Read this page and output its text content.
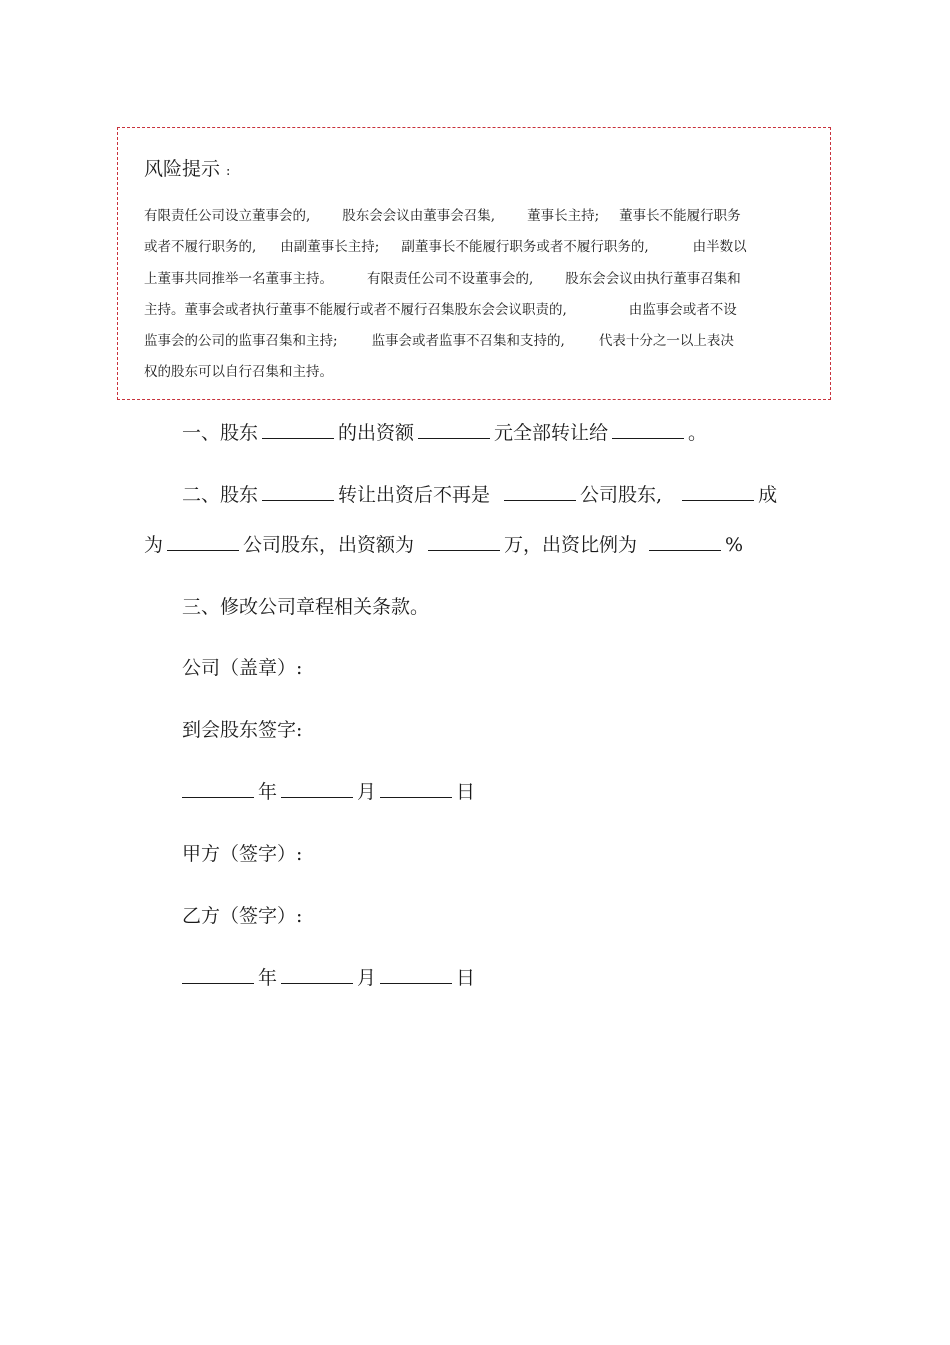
风险提示 :
有限责任公司设立董事会的, 股东会会议由董事会召集, 董事长主持; 董事长不能履行职务
或者不履行职务的, 由副董事长主持; 副董事长不能履行职务或者不履行职务的,	由半数以
上董事共同推举一名董事主持。	有限责任公司不设董事会的, 股东会会议由执行董事召集和
主持。董事会或者执行董事不能履行或者不履行召集股东会会议职责的,	由监事会或者不设
监事会的公司的监事召集和主持;	监事会或者监事不召集和支持的,	代表十分之一以上表决
权的股东可以自行召集和主持。
一、股东	的出资额	元全部转让给	。
二、股东	转让出资后不再是	公司股东,	成
为	公司股东，出资额为	万，出资比例为	%
三、修改公司章程相关条款。
公司（盖章）:
到会股东签字:
年	月	日
甲方（签字）:
乙方（签字）:
年	月	日
